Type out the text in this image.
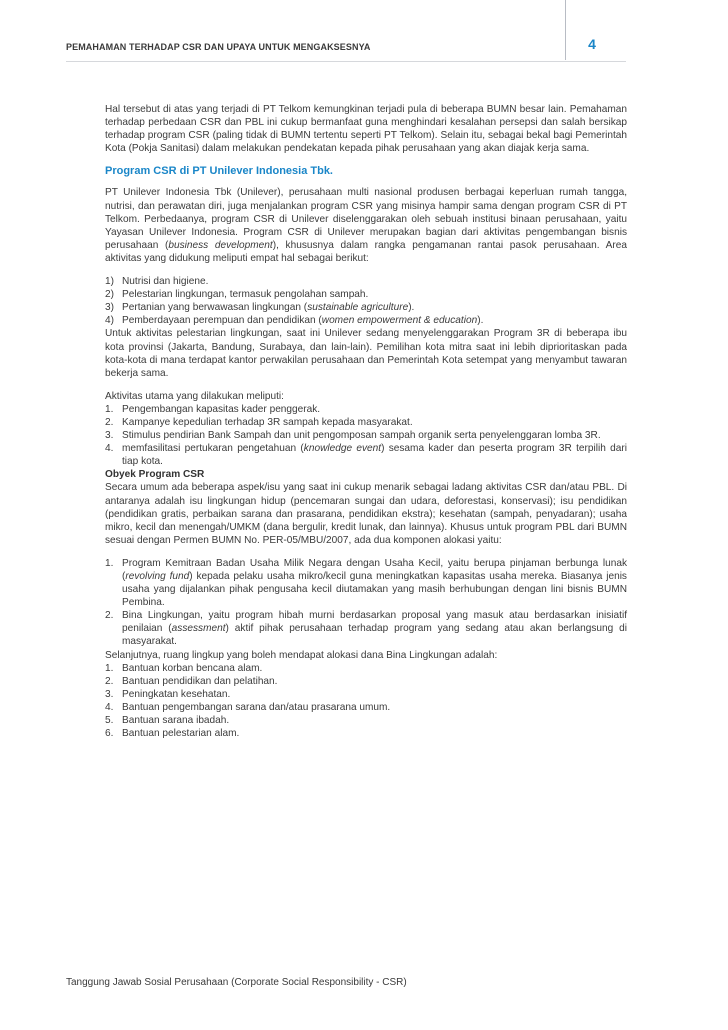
PEMAHAMAN TERHADAP CSR DAN UPAYA UNTUK MENGAKSESNYA	4

Hal tersebut di atas yang terjadi di PT Telkom kemungkinan terjadi pula di beberapa BUMN besar lain. Pemahaman terhadap perbedaan CSR dan PBL ini cukup bermanfaat guna menghindari kesalahan persepsi dan salah bersikap terhadap program CSR (paling tidak di BUMN tertentu seperti PT Telkom). Selain itu, sebagai bekal bagi Pemerintah Kota (Pokja Sanitasi) dalam melakukan pendekatan kepada pihak perusahaan yang akan diajak kerja sama.

Program CSR di PT Unilever Indonesia Tbk.

PT Unilever Indonesia Tbk (Unilever), perusahaan multi nasional produsen berbagai keperluan rumah tangga, nutrisi, dan perawatan diri, juga menjalankan program CSR yang misinya hampir sama dengan program CSR di PT Telkom. Perbedaanya, program CSR di Unilever diselenggarakan oleh sebuah institusi binaan perusahaan, yaitu Yayasan Unilever Indonesia. Program CSR di Unilever merupakan bagian dari aktivitas pengembangan bisnis perusahaan (business development), khususnya dalam rangka pengamanan rantai pasok perusahaan. Area aktivitas yang didukung meliputi empat hal sebagai berikut:

1) Nutrisi dan higiene.
2) Pelestarian lingkungan, termasuk pengolahan sampah.
3) Pertanian yang berwawasan lingkungan (sustainable agriculture).
4) Pemberdayaan perempuan dan pendidikan (women empowerment & education).

Untuk aktivitas pelestarian lingkungan, saat ini Unilever sedang menyelenggarakan Program 3R di beberapa ibu kota provinsi (Jakarta, Bandung, Surabaya, dan lain-lain). Pemilihan kota mitra saat ini lebih diprioritaskan pada kota-kota di mana terdapat kantor perwakilan perusahaan dan Pemerintah Kota setempat yang menyambut tawaran bekerja sama.

Aktivitas utama yang dilakukan meliputi:

1. Pengembangan kapasitas kader penggerak.
2. Kampanye kepedulian terhadap 3R sampah kepada masyarakat.
3. Stimulus pendirian Bank Sampah dan unit pengomposan sampah organik serta penyelenggaran lomba 3R.
4. memfasilitasi pertukaran pengetahuan (knowledge event) sesama kader dan peserta program 3R terpilih dari tiap kota.

Obyek Program CSR

Secara umum ada beberapa aspek/isu yang saat ini cukup menarik sebagai ladang aktivitas CSR dan/atau PBL. Di antaranya adalah isu lingkungan hidup (pencemaran sungai dan udara, deforestasi, konservasi); isu pendidikan (pendidikan gratis, perbaikan sarana dan prasarana, pendidikan ekstra); kesehatan (sampah, penyadaran); usaha mikro, kecil dan menengah/UMKM (dana bergulir, kredit lunak, dan lainnya). Khusus untuk program PBL dari BUMN sesuai dengan Permen BUMN No. PER-05/MBU/2007, ada dua komponen alokasi yaitu:

1. Program Kemitraan Badan Usaha Milik Negara dengan Usaha Kecil, yaitu berupa pinjaman berbunga lunak (revolving fund) kepada pelaku usaha mikro/kecil guna meningkatkan kapasitas usaha mereka. Biasanya jenis usaha yang dijalankan pihak pengusaha kecil diutamakan yang masih berhubungan dengan lini bisnis BUMN Pembina.
2. Bina Lingkungan, yaitu program hibah murni berdasarkan proposal yang masuk atau berdasarkan inisiatif penilaian (assessment) aktif pihak perusahaan terhadap program yang sedang atau akan berlangsung di masyarakat.

Selanjutnya, ruang lingkup yang boleh mendapat alokasi dana Bina Lingkungan adalah:

1. Bantuan korban bencana alam.
2. Bantuan pendidikan dan pelatihan.
3. Peningkatan kesehatan.
4. Bantuan pengembangan sarana dan/atau prasarana umum.
5. Bantuan sarana ibadah.
6. Bantuan pelestarian alam.
Tanggung Jawab Sosial Perusahaan (Corporate Social Responsibility - CSR)
